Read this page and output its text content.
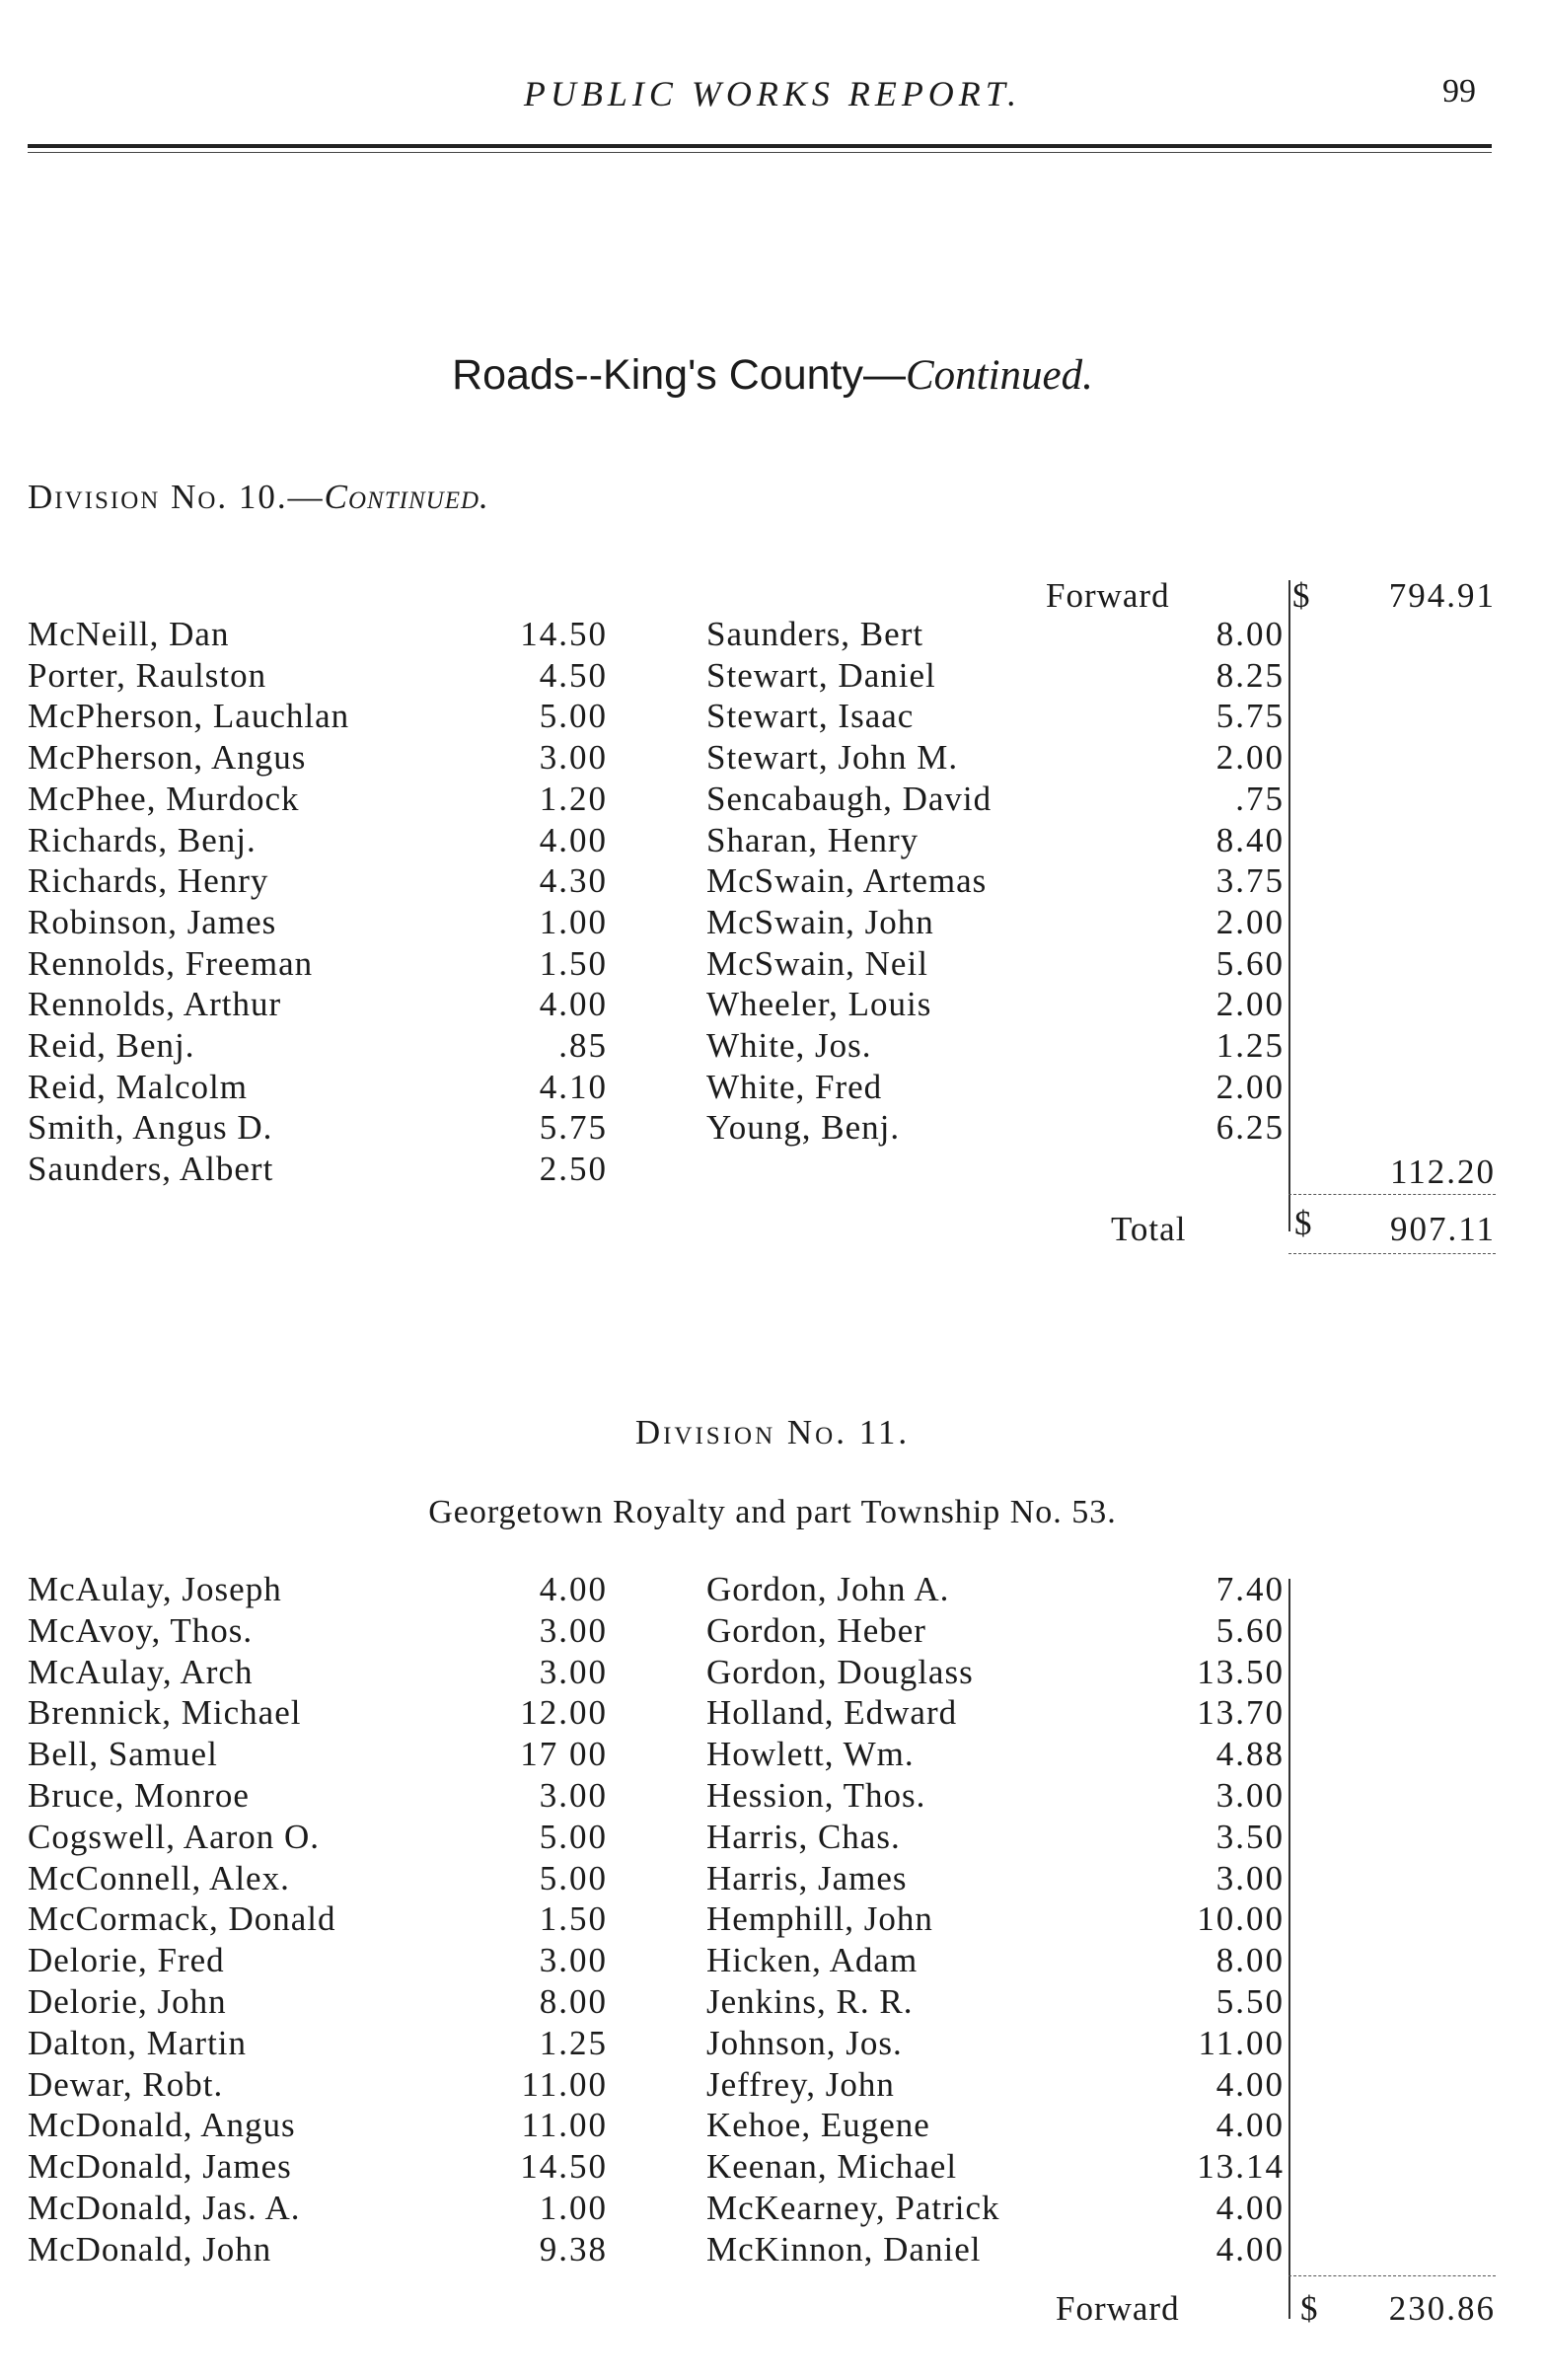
PUBLIC WORKS REPORT.	99
Roads--King's County—Continued.
Division No. 10.—Continued.
Forward	$	794.91
McNeill, Dan	14.50
Porter, Raulston	4.50
McPherson, Lauchlan	5.00
McPherson, Angus	3.00
McPhee, Murdock	1.20
Richards, Benj.	4.00
Richards, Henry	4.30
Robinson, James	1.00
Rennolds, Freeman	1.50
Rennolds, Arthur	4.00
Reid, Benj.	.85
Reid, Malcolm	4.10
Smith, Angus D.	5.75
Saunders, Albert	2.50
Saunders, Bert	8.00
Stewart, Daniel	8.25
Stewart, Isaac	5.75
Stewart, John M.	2.00
Sencabaugh, David	.75
Sharan, Henry	8.40
McSwain, Artemas	3.75
McSwain, John	2.00
McSwain, Neil	5.60
Wheeler, Louis	2.00
White, Jos.	1.25
White, Fred	2.00
Young, Benj.	6.25
112.20
Total	$	907.11
Division No. 11.
Georgetown Royalty and part Township No. 53.
McAulay, Joseph	4.00
McAvoy, Thos.	3.00
McAulay, Arch	3.00
Brennick, Michael	12.00
Bell, Samuel	17 00
Bruce, Monroe	3.00
Cogswell, Aaron O.	5.00
McConnell, Alex.	5.00
McCormack, Donald	1.50
Delorie, Fred	3.00
Delorie, John	8.00
Dalton, Martin	1.25
Dewar, Robt.	11.00
McDonald, Angus	11.00
McDonald, James	14.50
McDonald, Jas. A.	1.00
McDonald, John	9.38
Gordon, John A.	7.40
Gordon, Heber	5.60
Gordon, Douglass	13.50
Holland, Edward	13.70
Howlett, Wm.	4.88
Hession, Thos.	3.00
Harris, Chas.	3.50
Harris, James	3.00
Hemphill, John	10.00
Hicken, Adam	8.00
Jenkins, R. R.	5.50
Johnson, Jos.	11.00
Jeffrey, John	4.00
Kehoe, Eugene	4.00
Keenan, Michael	13.14
McKearney, Patrick	4.00
McKinnon, Daniel	4.00
Forward	$	230.86
